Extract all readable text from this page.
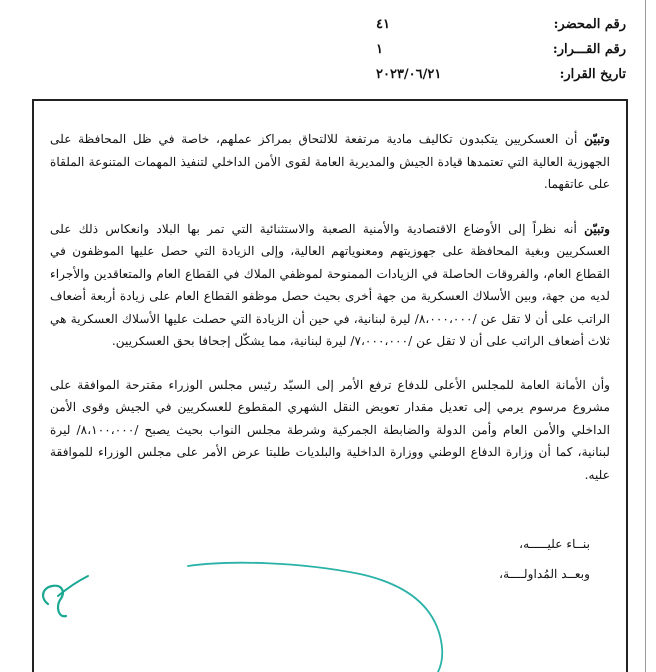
رقم المحضر:
٤١
رقم القـــرار:
١
تاريخ القرار:
٢٠٢٣/٠٦/٢١

وتبيّن أن العسكريين يتكبدون تكاليف مادية مرتفعة للالتحاق بمراكز عملهم، خاصة في ظل المحافظة على الجهوزية العالية التي تعتمدها قيادة الجيش والمديرية العامة لقوى الأمن الداخلي لتنفيذ المهمات المتنوعة الملقاة على عاتقهما.

وتبيّن أنه نظراً إلى الأوضاع الاقتصادية والأمنية الصعبة والاستثنائية التي تمر بها البلاد وانعكاس ذلك على العسكريين وبغية المحافظة على جهوزيتهم ومعنوياتهم العالية، وإلى الزيادة التي حصل عليها الموظفون في القطاع العام، والفروقات الحاصلة في الزيادات الممنوحة لموظفي الملاك في القطاع العام والمتعاقدين والأجراء لديه من جهة، وبين الأسلاك العسكرية من جهة أخرى بحيث حصل موظفو القطاع العام على زيادة أربعة أضعاف الراتب على أن لا تقل عن /٨،٠٠٠،٠٠٠/ ليرة لبنانية، في حين أن الزيادة التي حصلت عليها الأسلاك العسكرية هي ثلاث أضعاف الراتب على أن لا تقل عن /٧،٠٠٠،٠٠٠/ ليرة لبنانية، مما يشكّل إجحافا بحق العسكريين.

وأن الأمانة العامة للمجلس الأعلى للدفاع ترفع الأمر إلى السيّد رئيس مجلس الوزراء مقترحة الموافقة على مشروع مرسوم يرمي إلى تعديل مقدار تعويض النقل الشهري المقطوع للعسكريين في الجيش وقوى الأمن الداخلي والأمن العام وأمن الدولة والضابطة الجمركية وشرطة مجلس النواب بحيث يصبح /٨،١٠٠،٠٠٠/ ليرة لبنانية، كما أن وزارة الدفاع الوطني ووزارة الداخلية والبلديات طلبتا عرض الأمر على مجلس الوزراء للموافقة عليه.

بنــاء عليـــــه،
وبعــد المُداولــــة،
